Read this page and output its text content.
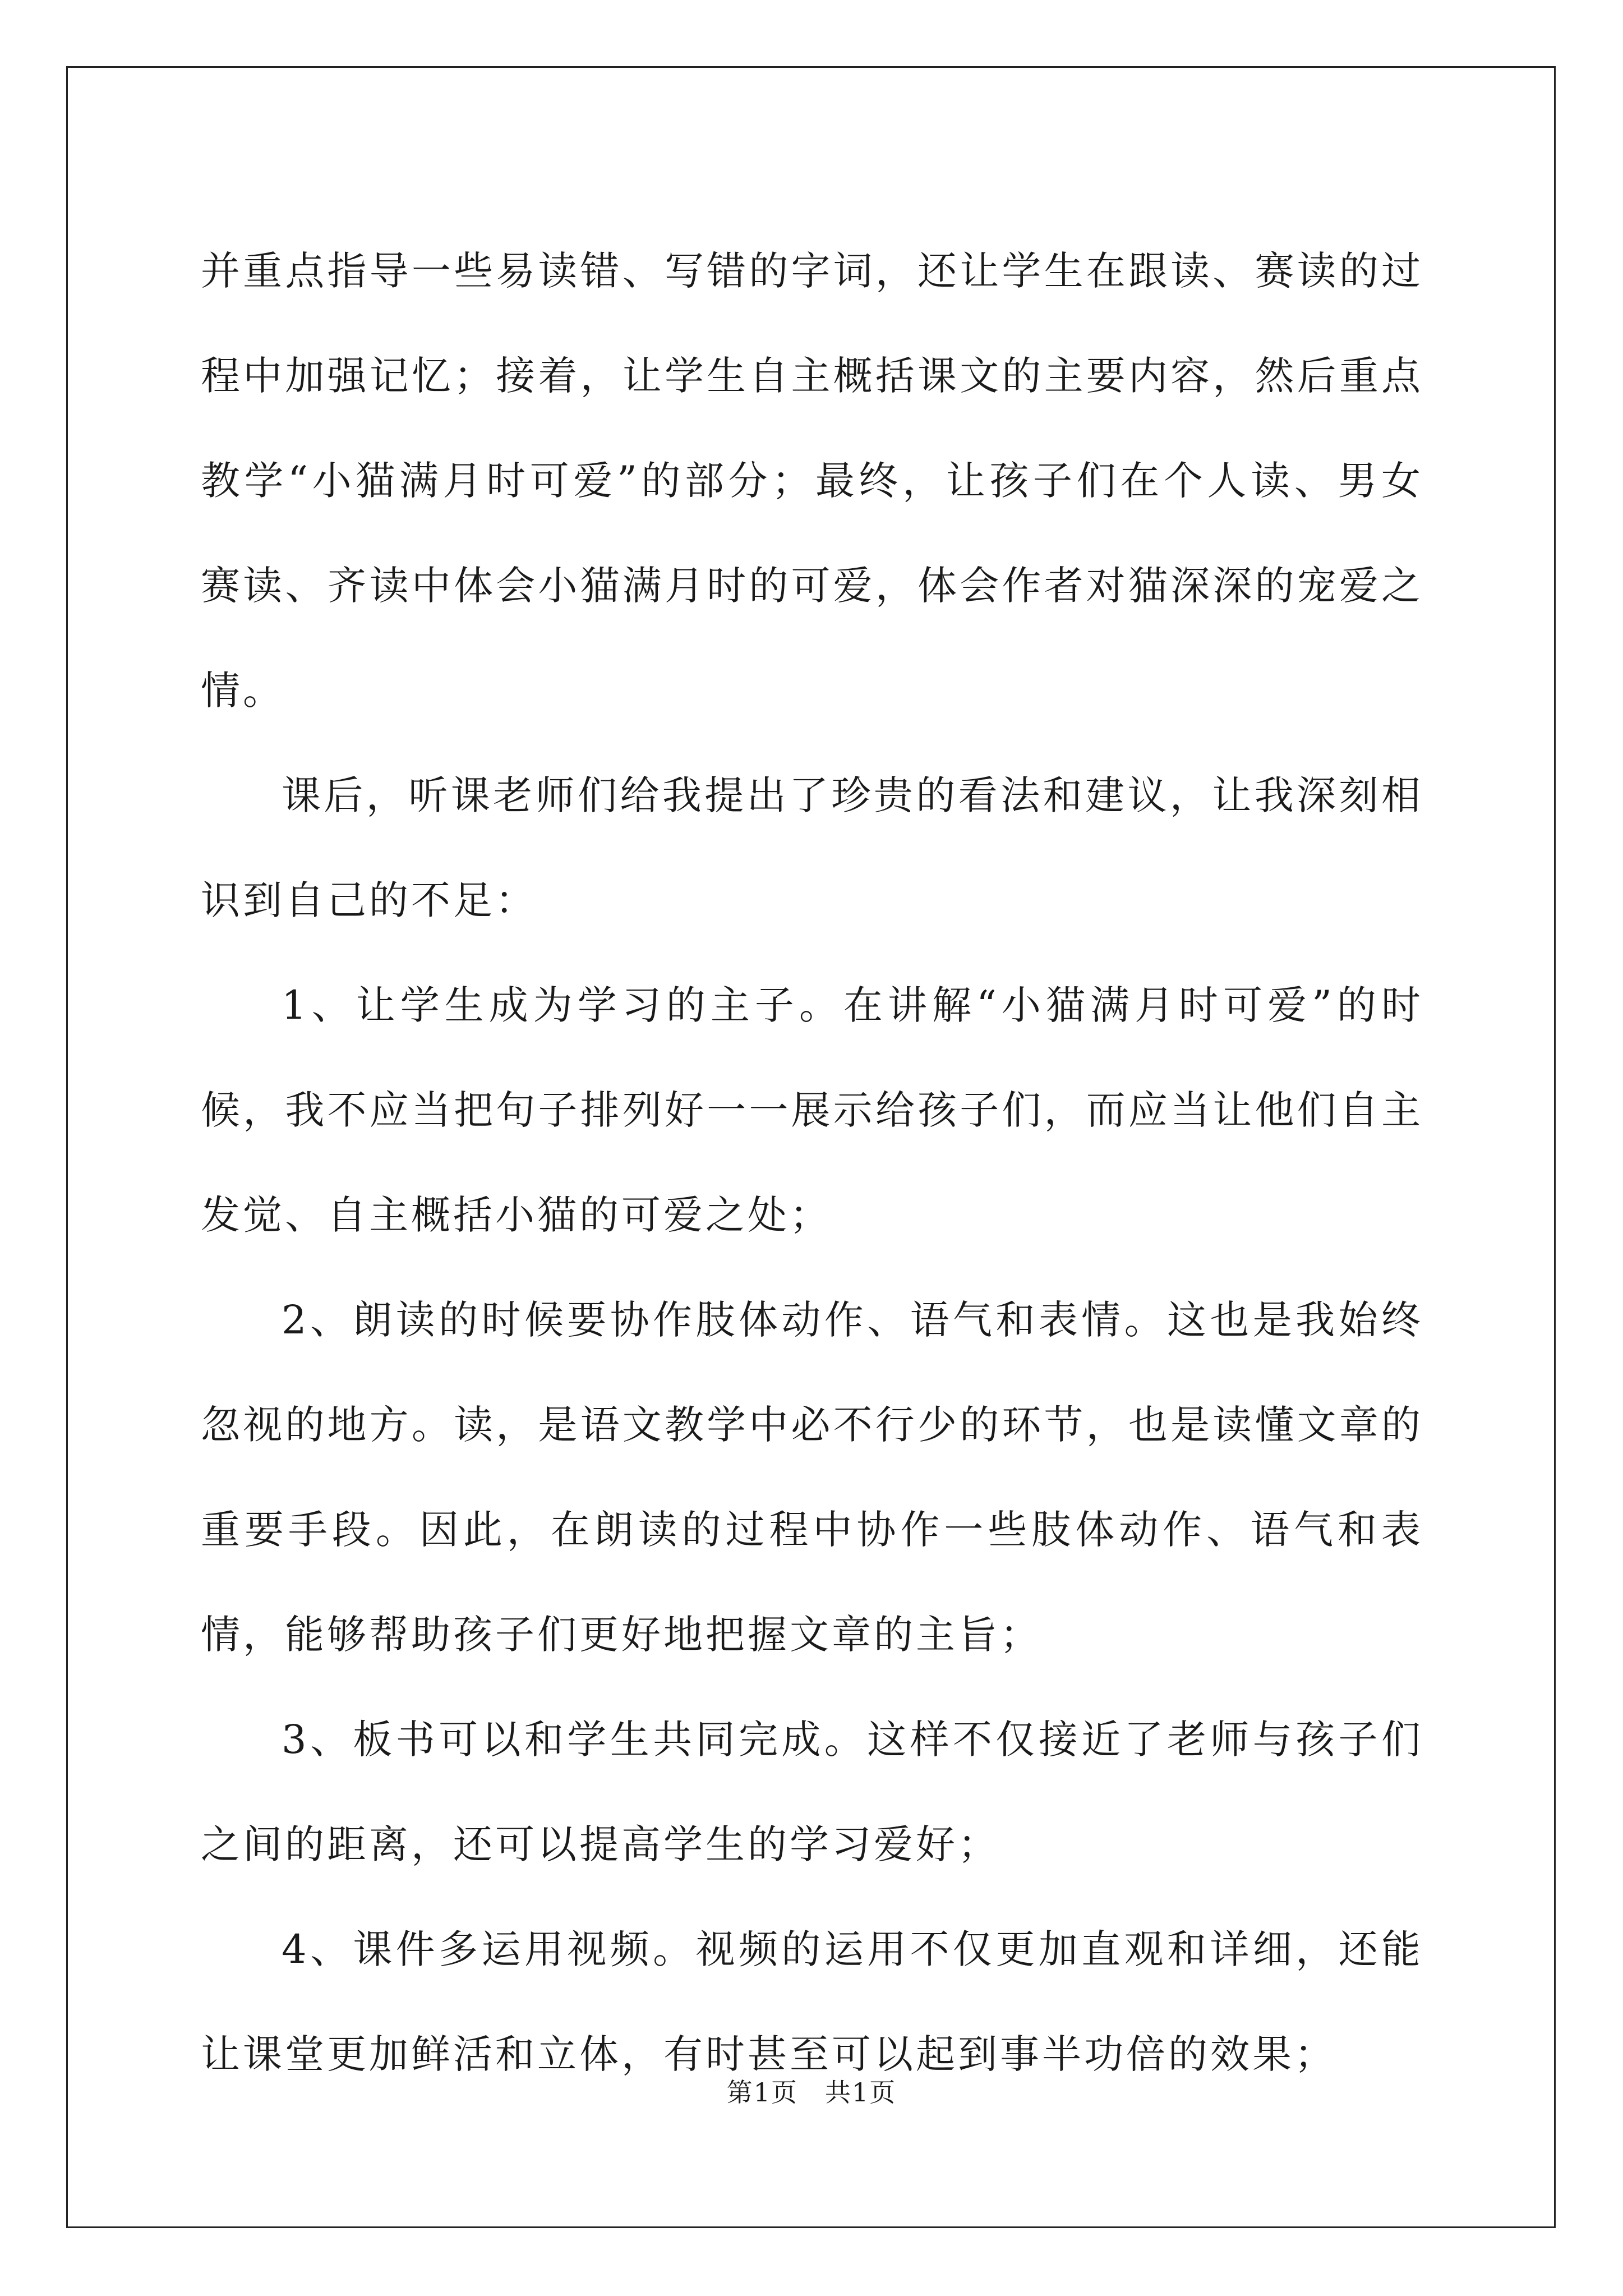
并重点指导一些易读错、写错的字词，还让学生在跟读、赛读的过程中加强记忆；接着，让学生自主概括课文的主要内容，然后重点教学“小猫满月时可爱”的部分；最终，让孩子们在个人读、男女赛读、齐读中体会小猫满月时的可爱，体会作者对猫深深的宠爱之情。

课后，听课老师们给我提出了珍贵的看法和建议，让我深刻相识到自己的不足：

1、让学生成为学习的主子。在讲解“小猫满月时可爱”的时候，我不应当把句子排列好一一展示给孩子们，而应当让他们自主发觉、自主概括小猫的可爱之处；

2、朗读的时候要协作肢体动作、语气和表情。这也是我始终忽视的地方。读，是语文教学中必不行少的环节，也是读懂文章的重要手段。因此，在朗读的过程中协作一些肢体动作、语气和表情，能够帮助孩子们更好地把握文章的主旨；

3、板书可以和学生共同完成。这样不仅接近了老师与孩子们之间的距离，还可以提高学生的学习爱好；

4、课件多运用视频。视频的运用不仅更加直观和详细，还能让课堂更加鲜活和立体，有时甚至可以起到事半功倍的效果；

第1页　共1页
